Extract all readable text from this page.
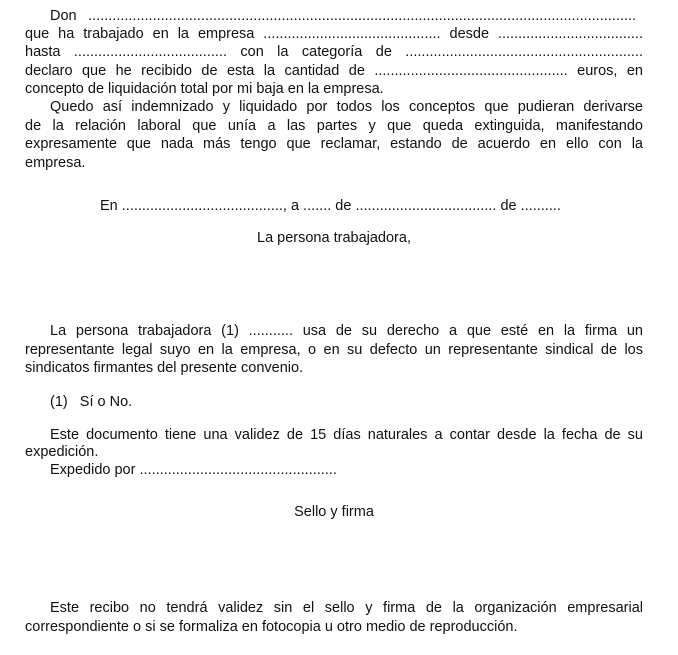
Don ........................................................................................................................................
que ha trabajado en la empresa ............................................ desde ....................................
hasta ...................................... con la categoría de ...........................................................
declaro que he recibido de esta la cantidad de ................................................ euros, en
concepto de liquidación total por mi baja en la empresa.
Quedo así indemnizado y liquidado por todos los conceptos que pudieran derivarse
de la relación laboral que unía a las partes y que queda extinguida, manifestando
expresamente que nada más tengo que reclamar, estando de acuerdo en ello con la
empresa.
En ........................................, a ....... de ................................... de ..........
La persona trabajadora,
La persona trabajadora (1) ........... usa de su derecho a que esté en la firma un
representante legal suyo en la empresa, o en su defecto un representante sindical de los
sindicatos firmantes del presente convenio.
(1)   Sí o No.
Este documento tiene una validez de 15 días naturales a contar desde la fecha de su
expedición.
Expedido por .................................................
Sello y firma
Este recibo no tendrá validez sin el sello y firma de la organización empresarial
correspondiente o si se formaliza en fotocopia u otro medio de reproducción.
